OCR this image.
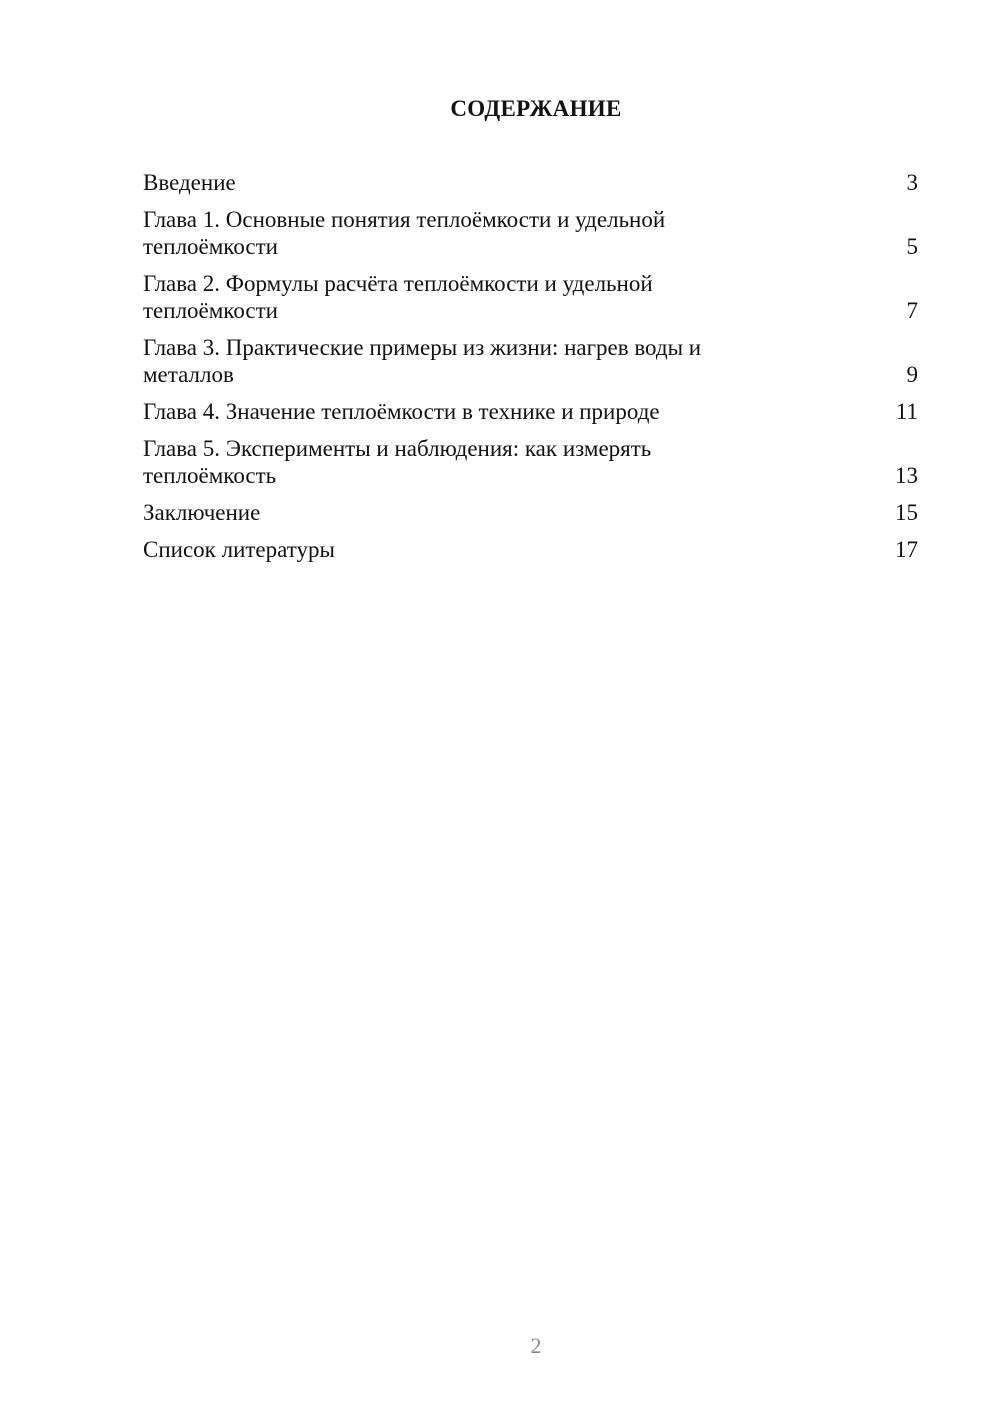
СОДЕРЖАНИЕ
Введение	3
Глава 1. Основные понятия теплоёмкости и удельной
теплоёмкости	5
Глава 2. Формулы расчёта теплоёмкости и удельной
теплоёмкости	7
Глава 3. Практические примеры из жизни: нагрев воды и
металлов	9
Глава 4. Значение теплоёмкости в технике и природе	11
Глава 5. Эксперименты и наблюдения: как измерять
теплоёмкость	13
Заключение	15
Список литературы	17
2
